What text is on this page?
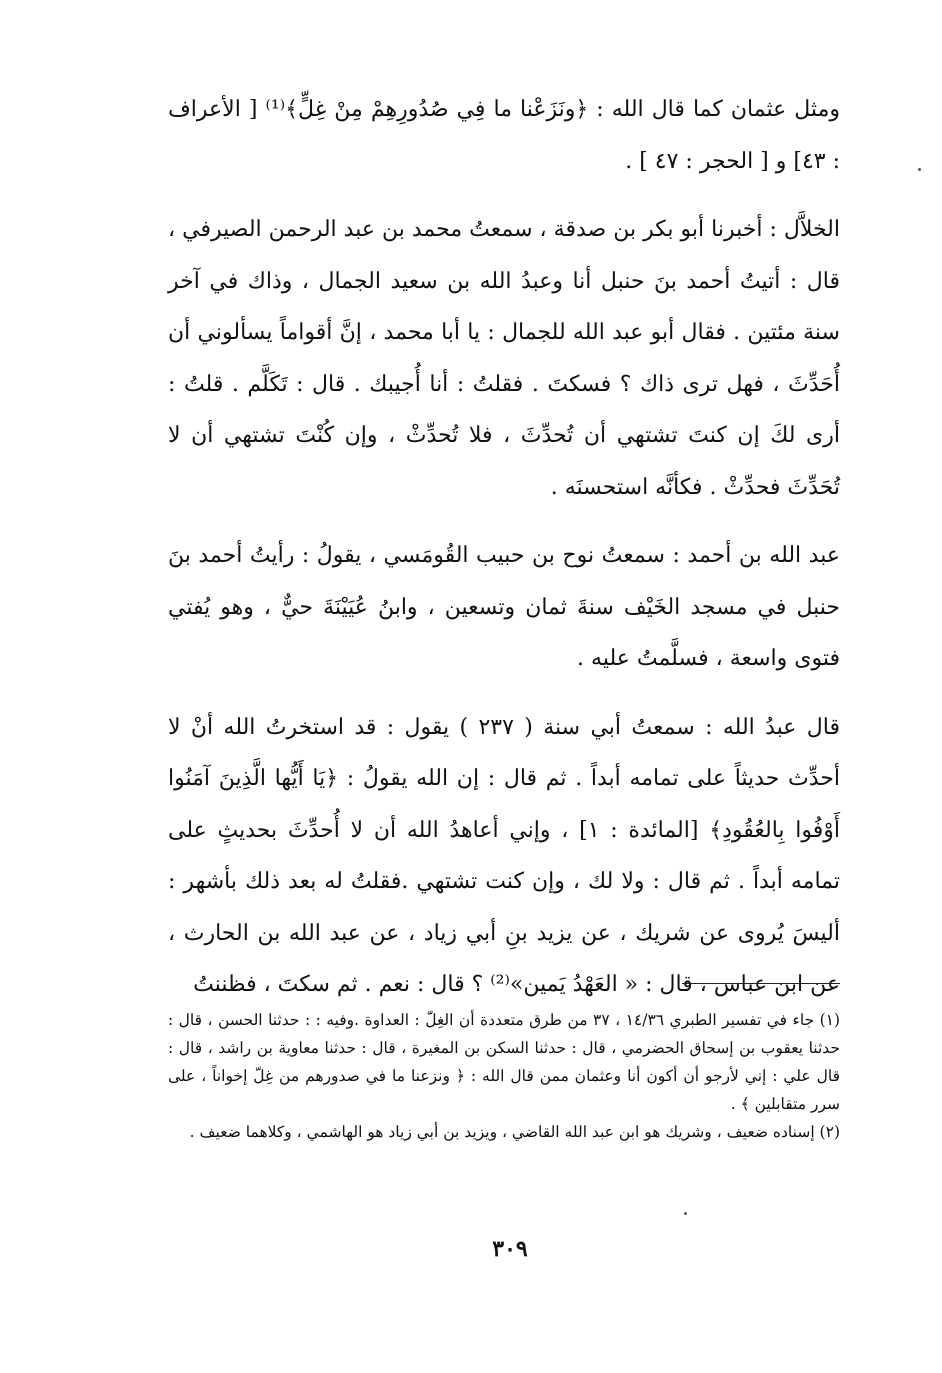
ومثل عثمان كما قال الله : ﴿ونَزَعْنا ما فِي صُدُورِهِمْ مِنْ غِلٍّ﴾⁽¹⁾ [ الأعراف : ٤٣] و [ الحجر : ٤٧ ] .

الخلاَّل : أخبرنا أبو بكر بن صدقة ، سمعتُ محمد بن عبد الرحمن الصيرفي ، قال : أتيتُ أحمد بنَ حنبل أنا وعبدُ الله بن سعيد الجمال ، وذاك في آخر سنة مئتين . فقال أبو عبد الله للجمال : يا أبا محمد ، إنَّ أقواماً يسألوني أن أُحَدِّثَ ، فهل ترى ذاك ؟ فسكتَ . فقلتُ : أنا أُجيبك . قال : تَكَلَّم . قلتُ : أرى لكَ إن كنتَ تشتهي أن تُحدِّثَ ، فلا تُحدِّثْ ، وإن كُنْتَ تشتهي أن لا تُحَدِّثَ فحدِّثْ . فكأنَّه استحسنَه .

عبد الله بن أحمد : سمعتُ نوح بن حبيب القُومَسي ، يقولُ : رأيتُ أحمد بنَ حنبل في مسجد الخَيْف سنةَ ثمان وتسعين ، وابنُ عُيَيْنَةَ حيٌّ ، وهو يُفتي فتوى واسعة ، فسلَّمتُ عليه .

قال عبدُ الله : سمعتُ أبي سنة ( ٢٣٧ ) يقول : قد استخرتُ الله أنْ لا أحدِّث حديثاً على تمامه أبداً . ثم قال : إن الله يقولُ : ﴿يَا أَيُّها الَّذِينَ آمَنُوا أَوْفُوا بِالعُقُودِ﴾ [المائدة : ١] ، وإني أعاهدُ الله أن لا أُحدِّثَ بحديثٍ على تمامه أبداً . ثم قال : ولا لك ، وإن كنت تشتهي .فقلتُ له بعد ذلك بأشهر : أليسَ يُروى عن شريك ، عن يزيد بنِ أبي زياد ، عن عبد الله بن الحارث ، عن ابن عباس ، قال : « العَهْدُ يَمين»⁽²⁾ ؟ قال : نعم . ثم سكتَ ، فظننتُ

(١) جاء في تفسير الطبري ١٤/٣٦ ، ٣٧ من طرق متعددة أن الغِلّ : العداوة .وفيه : : حدثنا الحسن ، قال : حدثنا يعقوب بن إسحاق الحضرمي ، قال : حدثنا السكن بن المغيرة ، قال : حدثنا معاوية بن راشد ، قال : قال علي : إني لأرجو أن أكون أنا وعثمان ممن قال الله : ﴿ ونزعنا ما في صدورهم من غِلّ إخواناً ، على سرر متقابلين ﴾ .

(٢) إسناده ضعيف ، وشريك هو ابن عبد الله القاضي ، ويزيد بن أبي زياد هو الهاشمي ، وكلاهما ضعيف .

٣٠٩
